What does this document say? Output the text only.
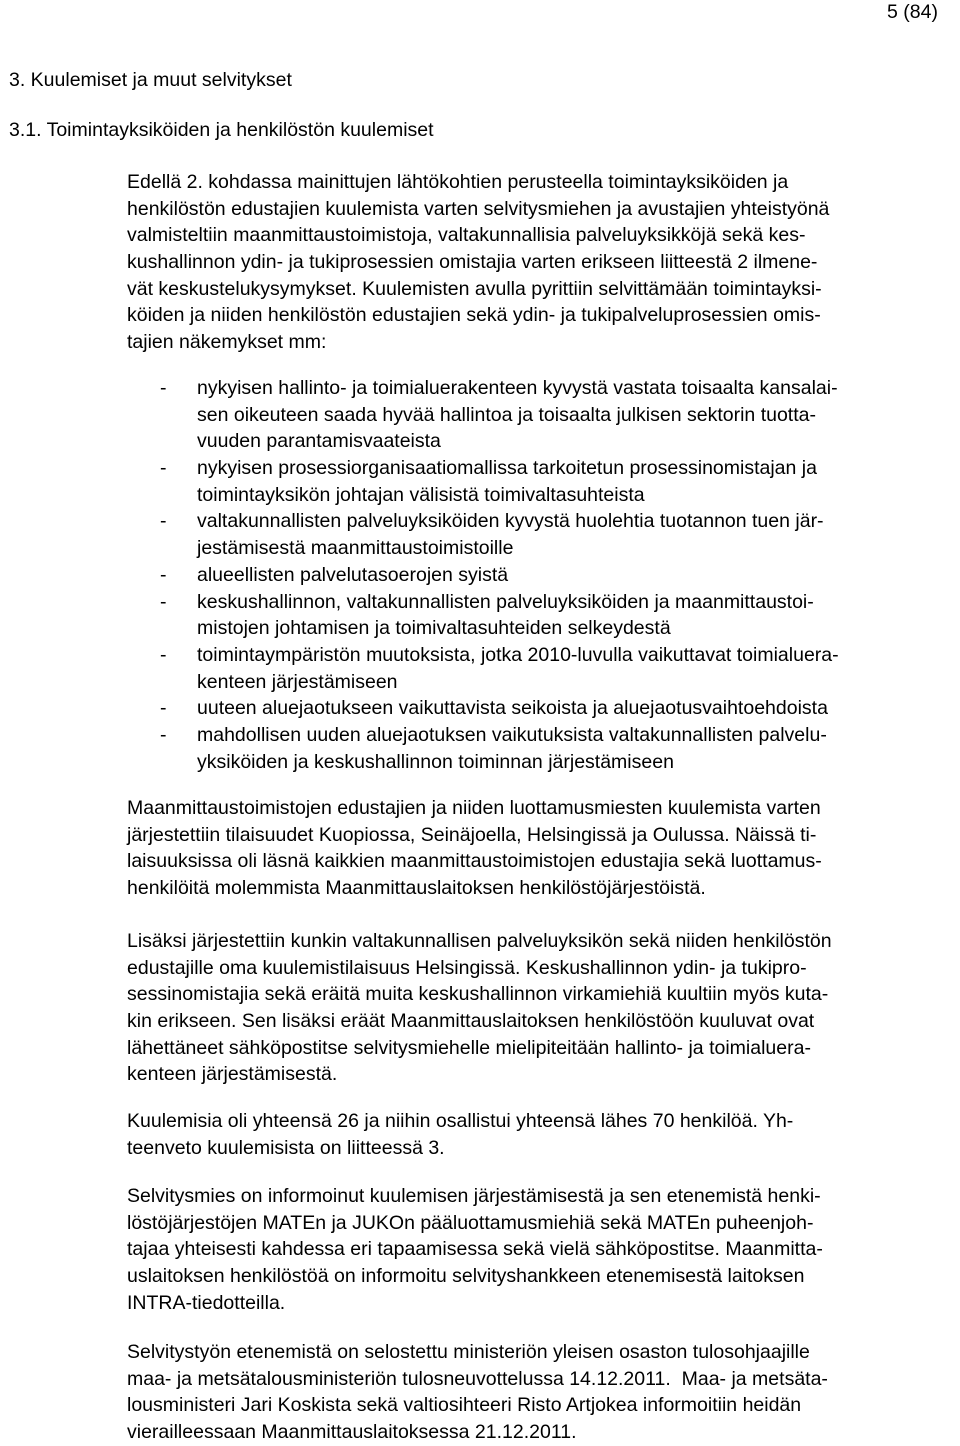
5 (84)
3. Kuulemiset ja muut selvitykset
3.1. Toimintayksiköiden ja henkilöstön kuulemiset
Edellä 2. kohdassa mainittujen lähtökohtien perusteella toimintayksiköiden ja
henkilöstön edustajien kuulemista varten selvitysmiehen ja avustajien yhteistyönä
valmisteltiin maanmittaustoimistoja, valtakunnallisia palveluyksikköjä sekä kes-
kushallinnon ydin- ja tukiprosessien omistajia varten erikseen liitteestä 2 ilmene-
vät keskustelukysymykset. Kuulemisten avulla pyrittiin selvittämään toimintayksi-
köiden ja niiden henkilöstön edustajien sekä ydin- ja tukipalveluprosessien omis-
tajien näkemykset mm:
- nykyisen hallinto- ja toimialuerakenteen kyvystä vastata toisaalta kansalai-
sen oikeuteen saada hyvää hallintoa ja toisaalta julkisen sektorin tuotta-
vuuden parantamisvaateista
- nykyisen prosessiorganisaatiomallissa tarkoitetun prosessinomistajan ja
toimintayksikön johtajan välisistä toimivaltasuhteista
- valtakunnallisten palveluyksiköiden kyvystä huolehtia tuotannon tuen jär-
jestämisestä maanmittaustoimistoille
- alueellisten palvelutasoerojen syistä
- keskushallinnon, valtakunnallisten palveluyksiköiden ja maanmittaustoi-
mistojen johtamisen ja toimivaltasuhteiden selkeydestä
- toimintaympäristön muutoksista, jotka 2010-luvulla vaikuttavat toimialuera-
kenteen järjestämiseen
- uuteen aluejaotukseen vaikuttavista seikoista ja aluejaotusvaihtoehdoista
- mahdollisen uuden aluejaotuksen vaikutuksista valtakunnallisten palvelu-
yksiköiden ja keskushallinnon toiminnan järjestämiseen
Maanmittaustoimistojen edustajien ja niiden luottamusmiesten kuulemista varten
järjestettiin tilaisuudet Kuopiossa, Seinäjoella, Helsingissä ja Oulussa. Näissä ti-
laisuuksissa oli läsnä kaikkien maanmittaustoimistojen edustajia sekä luottamus-
henkilöitä molemmista Maanmittauslaitoksen henkilöstöjärjestöistä.
Lisäksi järjestettiin kunkin valtakunnallisen palveluyksikön sekä niiden henkilöstön
edustajille oma kuulemistilaisuus Helsingissä. Keskushallinnon ydin- ja tukipro-
sessinomistajia sekä eräitä muita keskushallinnon virkamiehiä kuultiin myös kuta-
kin erikseen. Sen lisäksi eräät Maanmittauslaitoksen henkilöstöön kuuluvat ovat
lähettäneet sähköpostitse selvitysmiehelle mielipiteitään hallinto- ja toimialuera-
kenteen järjestämisestä.
Kuulemisia oli yhteensä 26 ja niihin osallistui yhteensä lähes 70 henkilöä. Yh-
teenveto kuulemisista on liitteessä 3.
Selvitysmies on informoinut kuulemisen järjestämisestä ja sen etenemistä henki-
löstöjärjestöjen MATEn ja JUKOn pääluottamusmiehiä sekä MATEn puheenjoh-
tajaa yhteisesti kahdessa eri tapaamisessa sekä vielä sähköpostitse. Maanmitta-
uslaitoksen henkilöstöä on informoitu selvityshankkeen etenemisestä laitoksen
INTRA-tiedotteilla.
Selvitystyön etenemistä on selostettu ministeriön yleisen osaston tulosohjaajille
maa- ja metsätalousministeriön tulosneuvottelussa 14.12.2011.  Maa- ja metsäta-
lousministeri Jari Koskista sekä valtiosihteeri Risto Artjokea informoitiin heidän
vierailleessaan Maanmittauslaitoksessa 21.12.2011.
